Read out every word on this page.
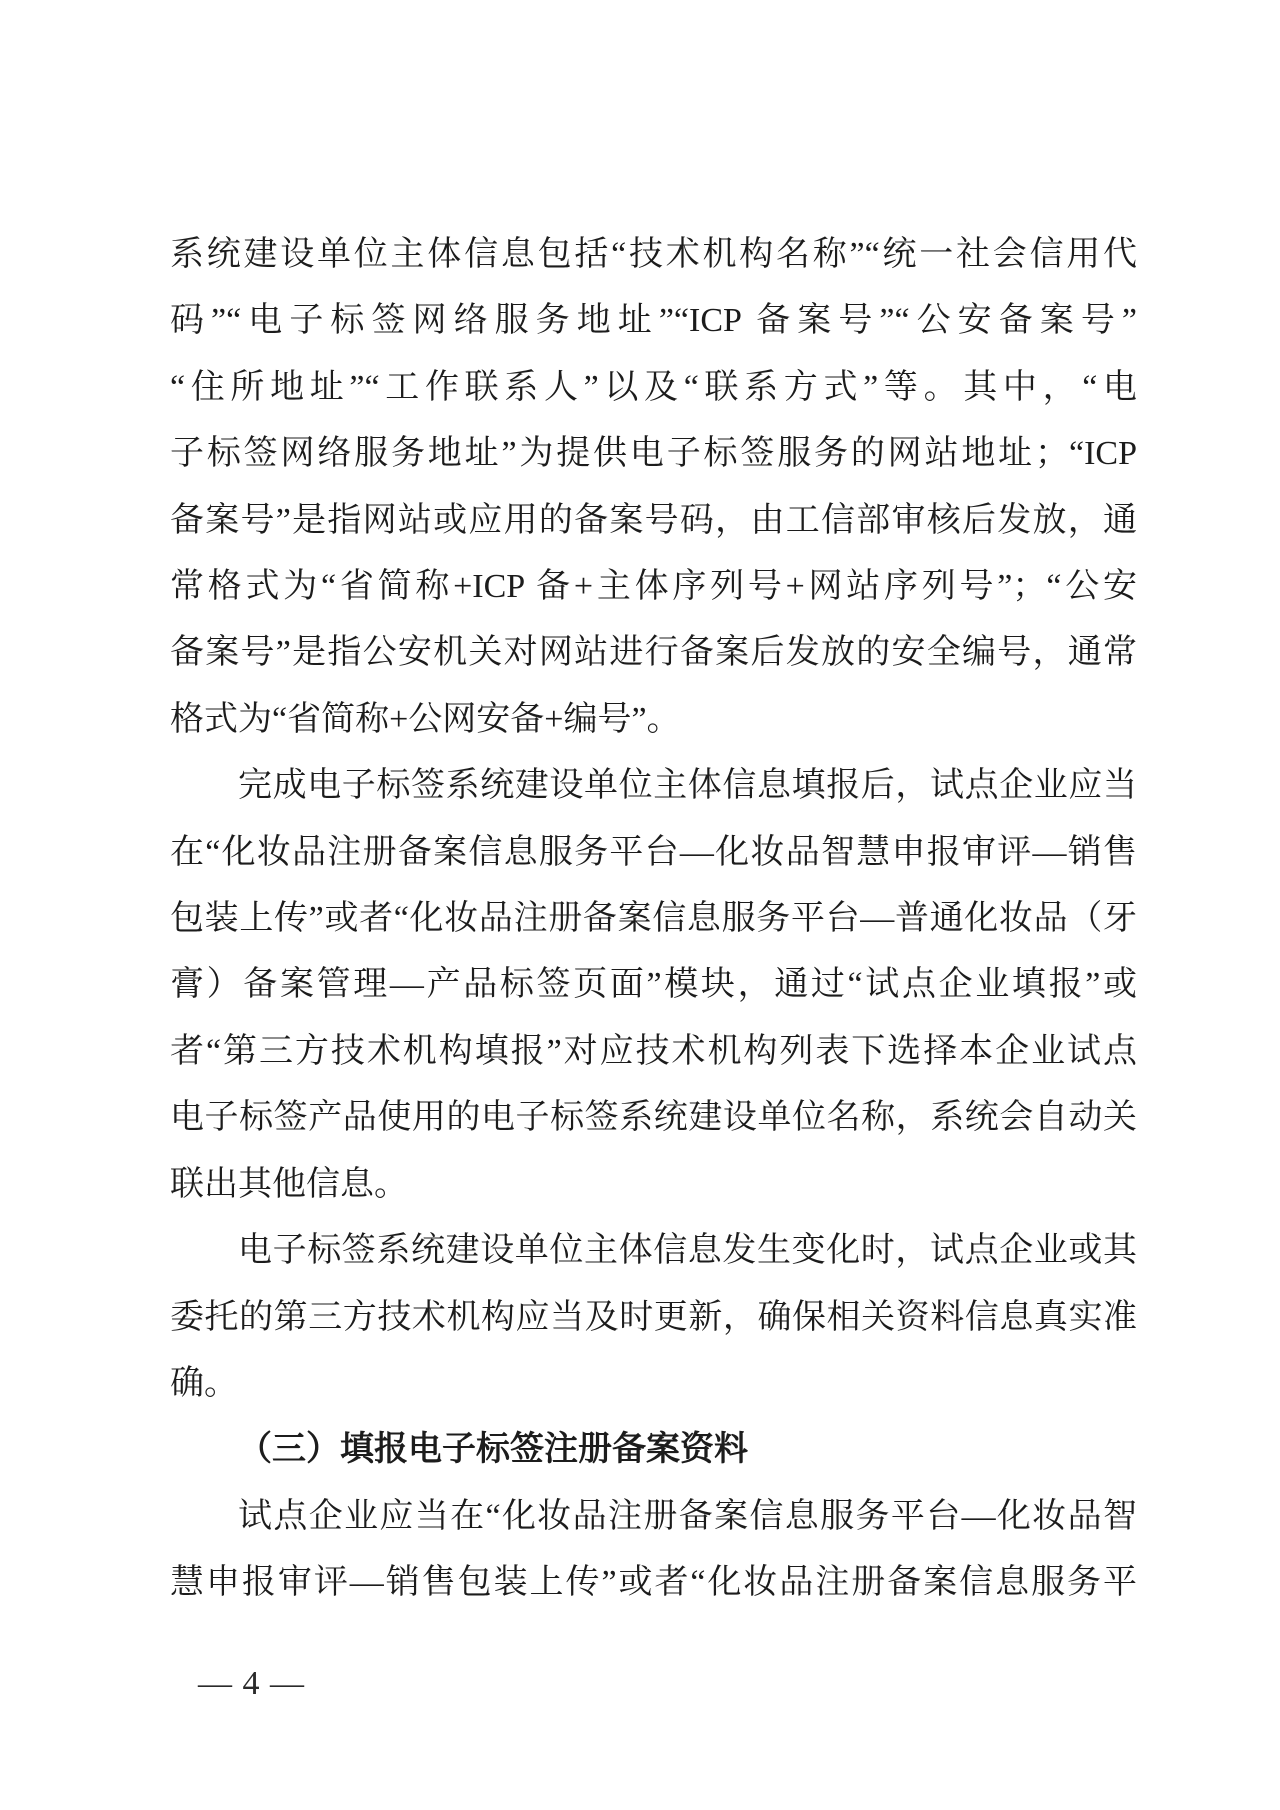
系统建设单位主体信息包括“技术机构名称”“统一社会信用代
码”“电子标签网络服务地址”“ICP 备案号”“公安备案号”
“住所地址”“工作联系人”以及“联系方式”等。其中，“电
子标签网络服务地址”为提供电子标签服务的网站地址；“ICP
备案号”是指网站或应用的备案号码，由工信部审核后发放，通
常格式为“省简称+ICP 备+主体序列号+网站序列号”；“公安
备案号”是指公安机关对网站进行备案后发放的安全编号，通常
格式为“省简称+公网安备+编号”。
完成电子标签系统建设单位主体信息填报后，试点企业应当
在“化妆品注册备案信息服务平台—化妆品智慧申报审评—销售
包装上传”或者“化妆品注册备案信息服务平台—普通化妆品（牙
膏）备案管理—产品标签页面”模块，通过“试点企业填报”或
者“第三方技术机构填报”对应技术机构列表下选择本企业试点
电子标签产品使用的电子标签系统建设单位名称，系统会自动关
联出其他信息。
电子标签系统建设单位主体信息发生变化时，试点企业或其
委托的第三方技术机构应当及时更新，确保相关资料信息真实准
确。
（三）填报电子标签注册备案资料
试点企业应当在“化妆品注册备案信息服务平台—化妆品智
慧申报审评—销售包装上传”或者“化妆品注册备案信息服务平
— 4 —
